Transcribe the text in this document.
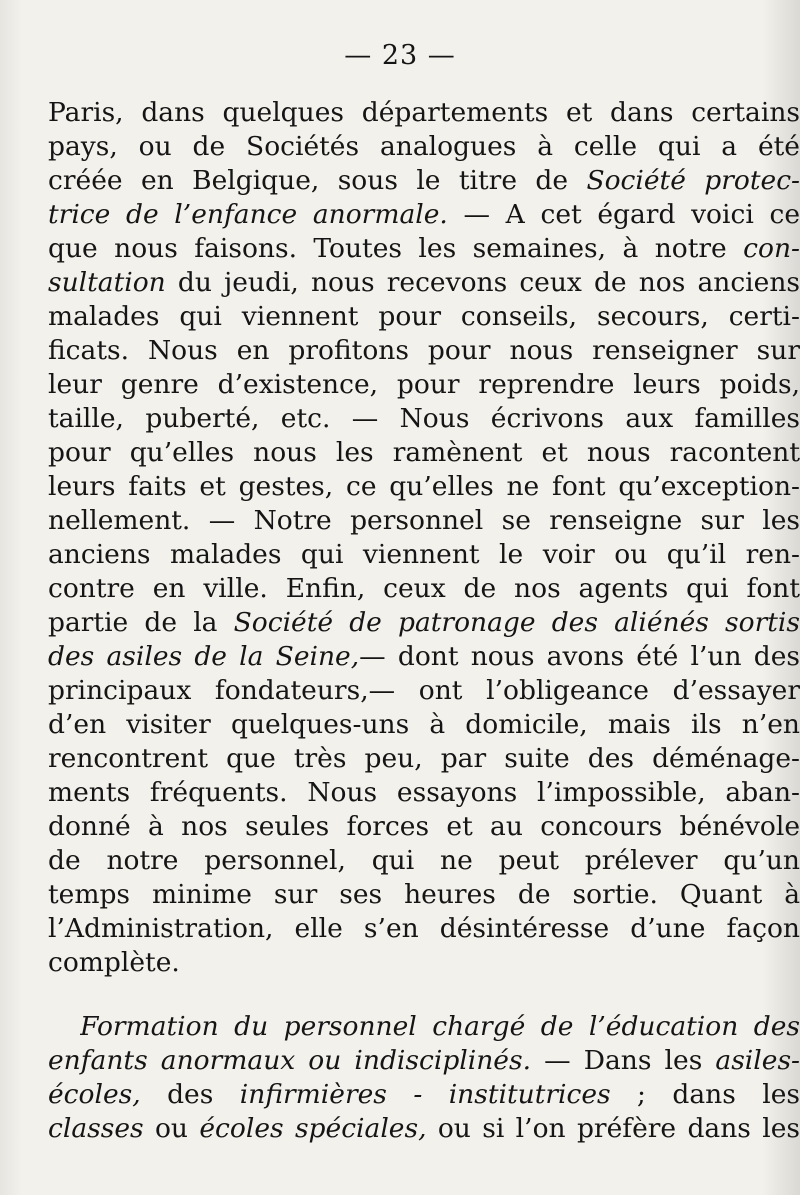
— 23 —
Paris, dans quelques départements et dans certains
pays, ou de Sociétés analogues à celle qui a été
créée en Belgique, sous le titre de Société protec-
trice de l’enfance anormale. — A cet égard voici ce
que nous faisons. Toutes les semaines, à notre con-
sultation du jeudi, nous recevons ceux de nos anciens
malades qui viennent pour conseils, secours, certi-
ficats. Nous en profitons pour nous renseigner sur
leur genre d’existence, pour reprendre leurs poids,
taille, puberté, etc. — Nous écrivons aux familles
pour qu’elles nous les ramènent et nous racontent
leurs faits et gestes, ce qu’elles ne font qu’exception-
nellement. — Notre personnel se renseigne sur les
anciens malades qui viennent le voir ou qu’il ren-
contre en ville. Enfin, ceux de nos agents qui font
partie de la Société de patronage des aliénés sortis
des asiles de la Seine,— dont nous avons été l’un des
principaux fondateurs,— ont l’obligeance d’essayer
d’en visiter quelques-uns à domicile, mais ils n’en
rencontrent que très peu, par suite des déménage-
ments fréquents. Nous essayons l’impossible, aban-
donné à nos seules forces et au concours bénévole
de notre personnel, qui ne peut prélever qu’un
temps minime sur ses heures de sortie. Quant à
l’Administration, elle s’en désintéresse d’une façon
complète.
Formation du personnel chargé de l’éducation des
enfants anormaux ou indisciplinés. — Dans les asiles-
écoles, des infirmières - institutrices ; dans les
classes ou écoles spéciales, ou si l’on préfère dans les
